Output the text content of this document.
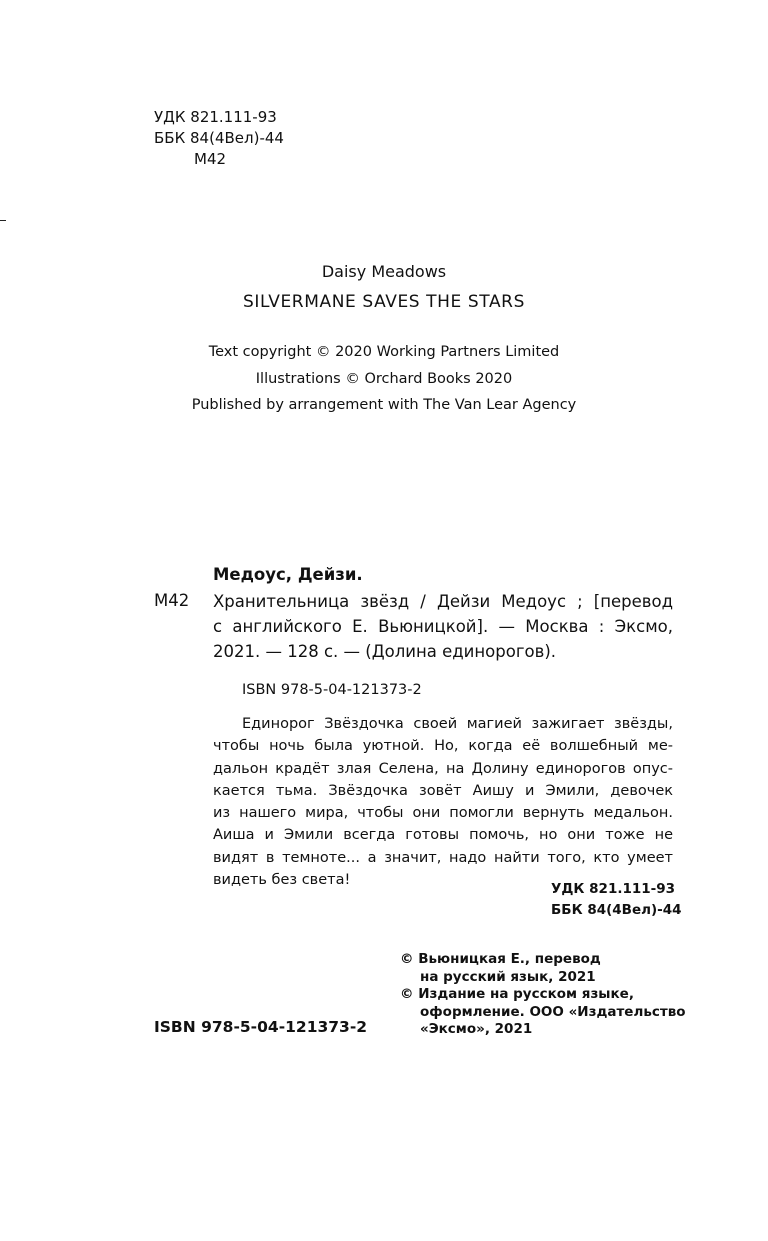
УДК 821.111-93
ББК 84(4Вел)-44
М42
Daisy Meadows
SILVERMANE SAVES THE STARS
Text copyright © 2020 Working Partners Limited
Illustrations © Orchard Books 2020
Published by arrangement with The Van Lear Agency
Медоус, Дейзи.
М42 Хранительница звёзд / Дейзи Медоус ; [перевод
с английского Е. Вьюницкой]. — Москва : Эксмо,
2021. — 128 с. — (Долина единорогов).
ISBN 978-5-04-121373-2
Единорог Звёздочка своей магией зажигает звёзды,
чтобы ночь была уютной. Но, когда её волшебный ме-
дальон крадёт злая Селена, на Долину единорогов опус-
кается тьма. Звёздочка зовёт Аишу и Эмили, девочек
из нашего мира, чтобы они помогли вернуть медальон.
Аиша и Эмили всегда готовы помочь, но они тоже не
видят в темноте... а значит, надо найти того, кто умеет
видеть без света!
УДК 821.111-93
ББК 84(4Вел)-44
© Вьюницкая Е., перевод
на русский язык, 2021
© Издание на русском языке,
оформление. ООО «Издательство
«Эксмо», 2021
ISBN 978-5-04-121373-2
